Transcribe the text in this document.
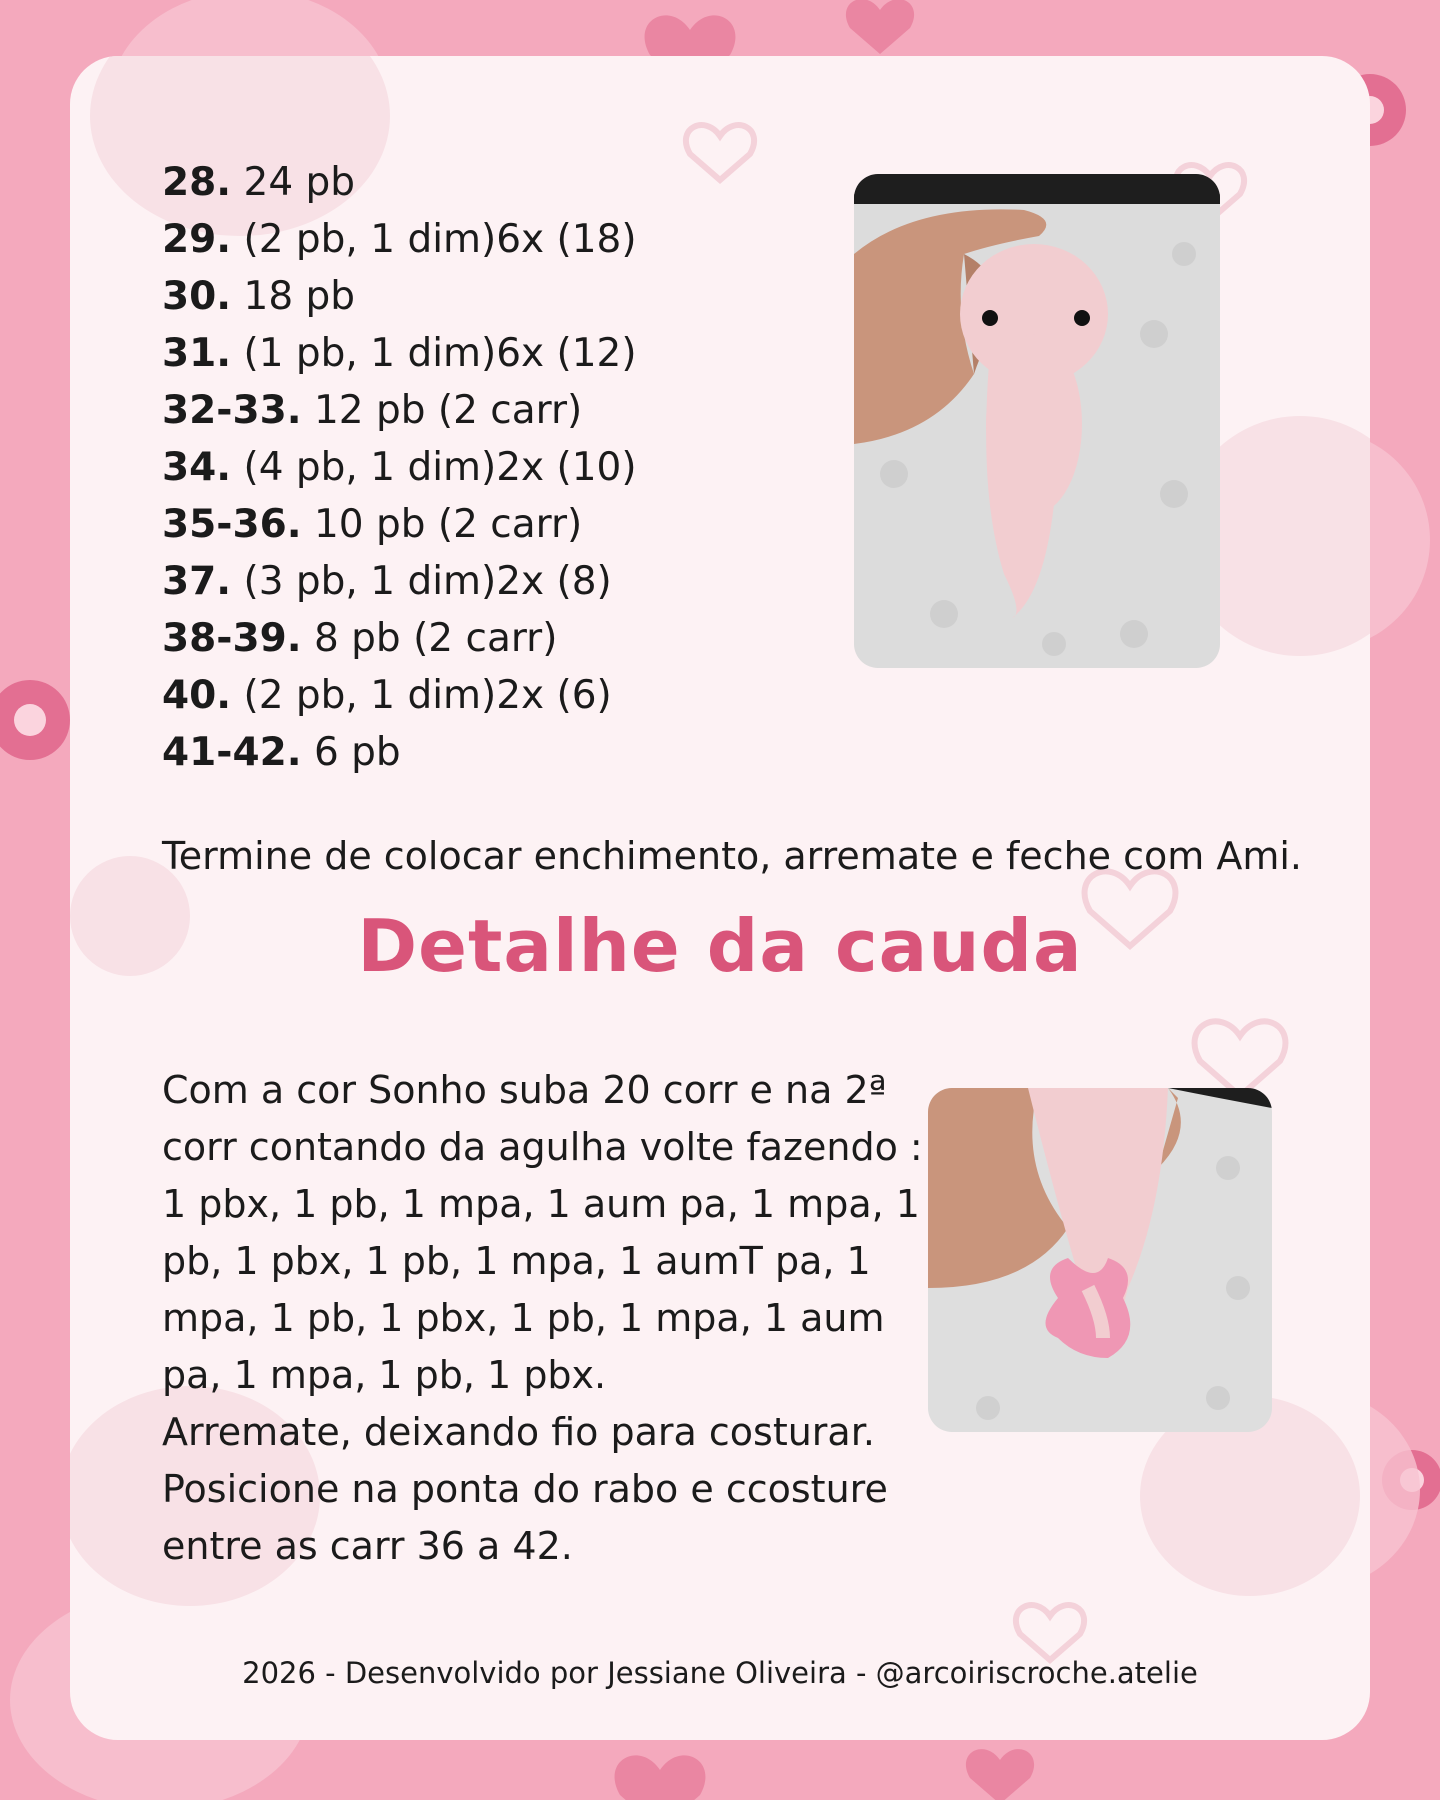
28. 24 pb
29. (2 pb, 1 dim)6x (18)
30. 18 pb
31. (1 pb, 1 dim)6x (12)
32-33. 12 pb (2 carr)
34. (4 pb, 1 dim)2x (10)
35-36. 10 pb (2 carr)
37. (3 pb, 1 dim)2x (8)
38-39. 8 pb (2 carr)
40. (2 pb, 1 dim)2x (6)
41-42. 6 pb

Termine de colocar enchimento, arremate e feche com Ami.

Detalhe da cauda

Com a cor Sonho suba 20 corr e na 2ª corr contando da agulha volte fazendo :

1 pbx, 1 pb, 1 mpa, 1 aum pa, 1 mpa, 1 pb, 1 pbx, 1 pb, 1 mpa, 1 aumT pa, 1 mpa, 1 pb, 1 pbx, 1 pb, 1 mpa, 1 aum pa, 1 mpa, 1 pb, 1 pbx.

Arremate, deixando fio para costurar.

Posicione na ponta do rabo e ccosture entre as carr 36 a 42.

2026 - Desenvolvido por Jessiane Oliveira - @arcoiriscroche.atelie
